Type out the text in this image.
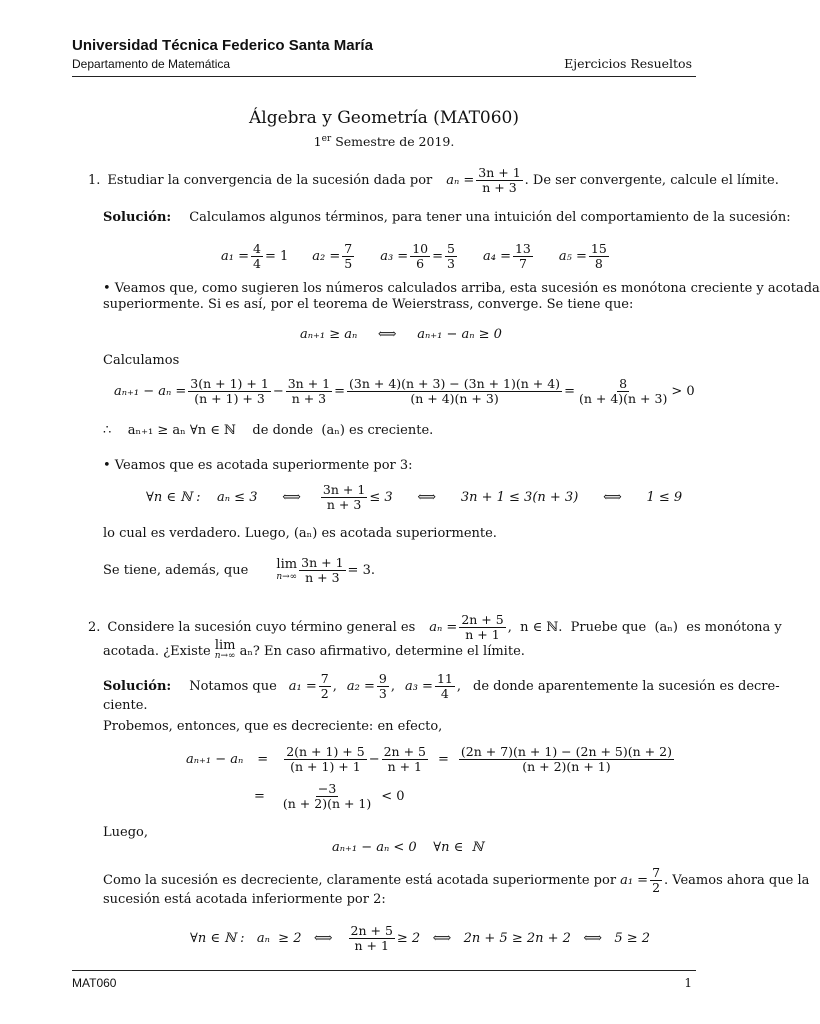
Universidad Técnica Federico Santa María
Departamento de Matemática	Ejercicios Resueltos
Álgebra y Geometría (MAT060)
1er Semestre de 2019.
1. Estudiar la convergencia de la sucesión dada por $a_n = \frac{3n + 1}{n + 3}$ . De ser convergente, calcule el límite.
Solución: Calculamos algunos términos, para tener una intuición del comportamiento de la sucesión:
$a_1 = \frac{4}{4} = 1$ $a_2 = \frac{7}{5} a_3 = \frac{10}{6} = \frac{5}{3} a_4 = \frac{13}{7} a_5 = \frac{15}{8}$
• Veamos que, como sugieren los números calculados arriba, esta sucesión es monótona creciente y acotada
superiormente. Si es así, por el teorema de Weierstrass, converge. Se tiene que:
aₙ₊₁ ≥ aₙ     ⟺     aₙ₊₁ − aₙ ≥ 0
Calculamos
$a_{n+1} - a_n = \frac{3(n + 1) + 1}{(n + 1) + 3} - \frac{3n + 1}{n + 3} = \frac{(3n + 4)(n + 3) - (3n + 1)(n + 4)}{(n + 4)(n + 3)} = \frac{8}{(n + 4)(n + 3)} > 0$
∴    aₙ₊₁ ≥ aₙ ∀n ∈ ℕ    de donde  (aₙ) es creciente.
• Veamos que es acotada superiormente por 3:
∀n ∈ ℕ :    aₙ ≤ 3      ⟺ $\frac{3n + 1}{n + 3} \le 3$      ⟺      3n + 1 ≤ 3(n + 3)      ⟺      1 ≤ 9
lo cual es verdadero. Luego, (aₙ) es acotada superiormente.
Se tiene, además, que lim
$n\to\infty \frac{3n + 1}{n + 3} = 3$.
2. Considere la sucesión cuyo término general es $a_n = \frac{2n + 5}{n + 1}$ ,  n ∈ ℕ.  Pruebe que  (aₙ)  es monótona y
acotada. ¿Existe lim
n→∞ aₙ? En caso afirmativo, determine el límite.
Solución: Notamos que $a_1 = \frac{7}{2}$ , $a_2 = \frac{9}{3}$ , $a_3 = \frac{11}{4}$ , de donde aparentemente la sucesión es decre-
ciente.
Probemos, entonces, que es decreciente: en efecto,
$a_{n+1} - a_n = \frac{2(n + 1) + 5}{(n + 1) + 1} - \frac{2n + 5}{n + 1} = \frac{(2n + 7)(n + 1) - (2n + 5)(n + 2)}{(n + 2)(n + 1)}$
= $\frac{-3}{(n + 2)(n + 1)} < 0$
Luego,
aₙ₊₁ − aₙ < 0    ∀n ∈  ℕ
Como la sucesión es decreciente, claramente está acotada superiormente por $a_1 = \frac{7}{2}$ . Veamos ahora que la
sucesión está acotada inferiormente por 2:
∀n ∈ ℕ :   aₙ  ≥ 2   ⟺ $\frac{2n + 5}{n + 1} \ge 2$   ⟺   2n + 5 ≥ 2n + 2   ⟺   5 ≥ 2
MAT060	1
